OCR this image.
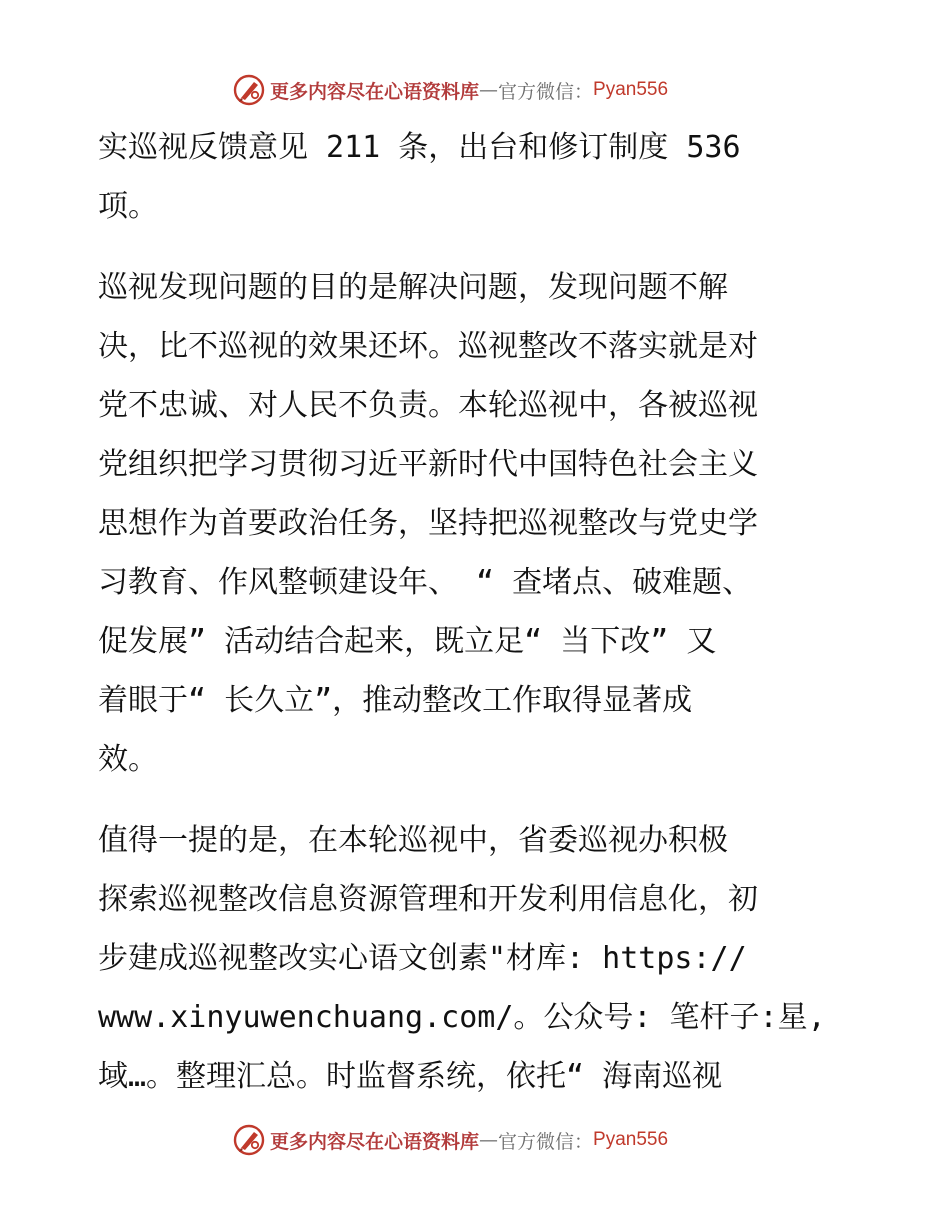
更多内容尽在心语资料库 — 官方微信： Pyan556
实巡视反馈意见 211 条，出台和修订制度 536
项。
巡视发现问题的目的是解决问题，发现问题不解
决，比不巡视的效果还坏。巡视整改不落实就是对
党不忠诚、对人民不负责。本轮巡视中，各被巡视
党组织把学习贯彻习近平新时代中国特色社会主义
思想作为首要政治任务，坚持把巡视整改与党史学
习教育、作风整顿建设年、 “ 查堵点、破难题、
促发展” 活动结合起来，既立足“ 当下改” 又
着眼于“ 长久立”，推动整改工作取得显著成
效。
值得一提的是，在本轮巡视中，省委巡视办积极
探索巡视整改信息资源管理和开发利用信息化，初
步建成巡视整改实心语文创素"材库: https://
www.xinyuwenchuang.com/。公众号: 笔杆子:星,
域…。整理汇总。时监督系统，依托“ 海南巡视
更多内容尽在心语资料库 — 官方微信： Pyan556
